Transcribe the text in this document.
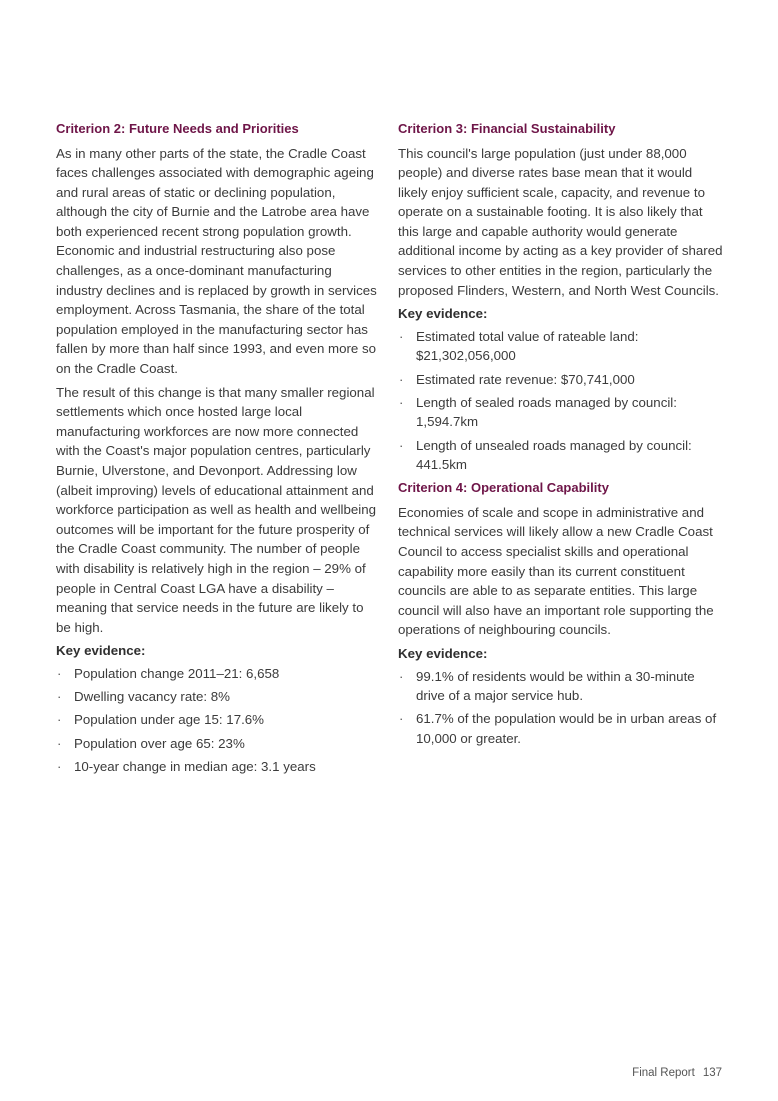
Criterion 2: Future Needs and Priorities

As in many other parts of the state, the Cradle Coast faces challenges associated with demographic ageing and rural areas of static or declining population, although the city of Burnie and the Latrobe area have both experienced recent strong population growth. Economic and industrial restructuring also pose challenges, as a once-dominant manufacturing industry declines and is replaced by growth in services employment. Across Tasmania, the share of the total population employed in the manufacturing sector has fallen by more than half since 1993, and even more so on the Cradle Coast.

The result of this change is that many smaller regional settlements which once hosted large local manufacturing workforces are now more connected with the Coast's major population centres, particularly Burnie, Ulverstone, and Devonport. Addressing low (albeit improving) levels of educational attainment and workforce participation as well as health and wellbeing outcomes will be important for the future prosperity of the Cradle Coast community. The number of people with disability is relatively high in the region – 29% of people in Central Coast LGA have a disability – meaning that service needs in the future are likely to be high.

Key evidence:
· Population change 2011–21: 6,658
· Dwelling vacancy rate: 8%
· Population under age 15: 17.6%
· Population over age 65: 23%
· 10-year change in median age: 3.1 years
Criterion 3: Financial Sustainability

This council's large population (just under 88,000 people) and diverse rates base mean that it would likely enjoy sufficient scale, capacity, and revenue to operate on a sustainable footing. It is also likely that this large and capable authority would generate additional income by acting as a key provider of shared services to other entities in the region, particularly the proposed Flinders, Western, and North West Councils.

Key evidence:
· Estimated total value of rateable land: $21,302,056,000
· Estimated rate revenue: $70,741,000
· Length of sealed roads managed by council: 1,594.7km
· Length of unsealed roads managed by council: 441.5km
Criterion 4: Operational Capability

Economies of scale and scope in administrative and technical services will likely allow a new Cradle Coast Council to access specialist skills and operational capability more easily than its current constituent councils are able to as separate entities. This large council will also have an important role supporting the operations of neighbouring councils.

Key evidence:
· 99.1% of residents would be within a 30-minute drive of a major service hub.
· 61.7% of the population would be in urban areas of 10,000 or greater.
Final Report 137
